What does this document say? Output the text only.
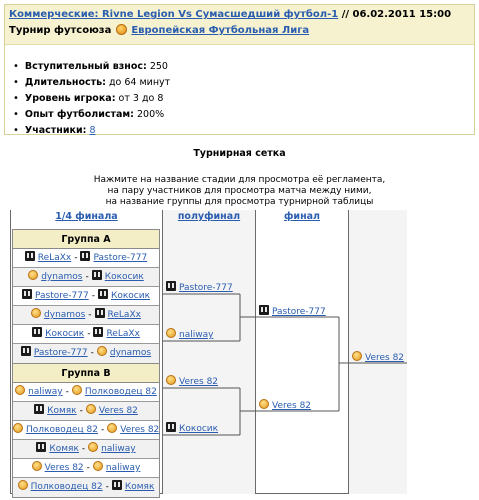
Коммерческие: Rivne Legion Vs Сумасшедший футбол-1 // 06.02.2011 15:00
Турнир футсоюза Европейская Футбольная Лига
• Вступительный взнос: 250
• Длительность: до 64 минут
• Уровень игрока: от 3 до 8
• Опыт футболистам: 200%
• Участники: 8
Турнирная сетка
Нажмите на название стадии для просмотра её регламента,
на пару участников для просмотра матча между ними,
на название группы для просмотра турнирной таблицы
1/4 финала
Группа A
ReLaXx - Pastore-777
dynamos - Кокосик
Pastore-777 - Кокосик
dynamos - ReLaXx
Кокосик - ReLaXx
Pastore-777 - dynamos
Группа B
naliway - Полководец 82
Комяк - Veres 82
Полководец 82 - Veres 82
Комяк - naliway
Veres 82 - naliway
Полководец 82 - Комяк
полуфинал
Pastore-777
naliway
Veres 82
Кокосик
финал
Pastore-777
Veres 82
Veres 82
